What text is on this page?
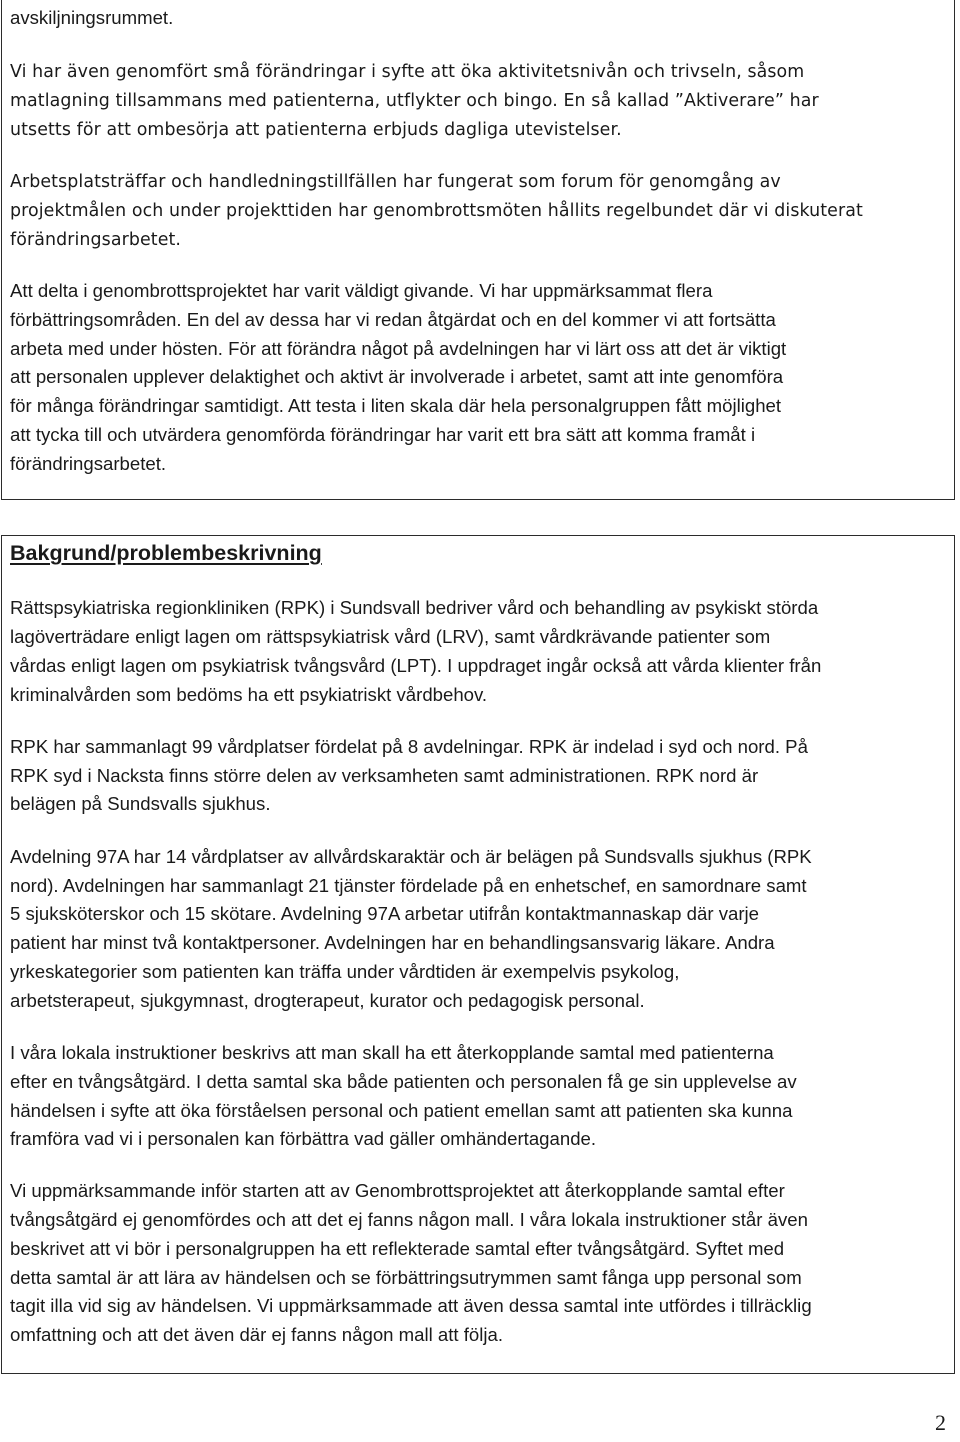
avskiljningsrummet.
Vi har även genomfört små förändringar i syfte att öka aktivitetsnivån och trivseln, såsom
matlagning tillsammans med patienterna, utflykter och bingo. En så kallad ”Aktiverare” har
utsetts för att ombesörja att patienterna erbjuds dagliga utevistelser.
Arbetsplatsträffar och handledningstillfällen har fungerat som forum för genomgång av
projektmålen och under projekttiden har genombrottsmöten hållits regelbundet där vi diskuterat
förändringsarbetet.
Att delta i genombrottsprojektet har varit väldigt givande. Vi har uppmärksammat flera
förbättringsområden. En del av dessa har vi redan åtgärdat och en del kommer vi att fortsätta
arbeta med under hösten. För att förändra något på avdelningen har vi lärt oss att det är viktigt
att personalen upplever delaktighet och aktivt är involverade i arbetet, samt att inte genomföra
för många förändringar samtidigt. Att testa i liten skala där hela personalgruppen fått möjlighet
att tycka till och utvärdera genomförda förändringar har varit ett bra sätt att komma framåt i
förändringsarbetet.
Bakgrund/problembeskrivning
Rättspsykiatriska regionkliniken (RPK) i Sundsvall bedriver vård och behandling av psykiskt störda
lagöverträdare enligt lagen om rättspsykiatrisk vård (LRV), samt vårdkrävande patienter som
vårdas enligt lagen om psykiatrisk tvångsvård (LPT). I uppdraget ingår också att vårda klienter från
kriminalvården som bedöms ha ett psykiatriskt vårdbehov.
RPK har sammanlagt 99 vårdplatser fördelat på 8 avdelningar. RPK är indelad i syd och nord. På
RPK syd i Nacksta finns större delen av verksamheten samt administrationen. RPK nord är
belägen på Sundsvalls sjukhus.
Avdelning 97A har 14 vårdplatser av allvårdskaraktär och är belägen på Sundsvalls sjukhus (RPK
nord). Avdelningen har sammanlagt 21 tjänster fördelade på en enhetschef, en samordnare samt
5 sjuksköterskor och 15 skötare. Avdelning 97A arbetar utifrån kontaktmannaskap där varje
patient har minst två kontaktpersoner. Avdelningen har en behandlingsansvarig läkare. Andra
yrkeskategorier som patienten kan träffa under vårdtiden är exempelvis psykolog,
arbetsterapeut, sjukgymnast, drogterapeut, kurator och pedagogisk personal.
I våra lokala instruktioner beskrivs att man skall ha ett återkopplande samtal med patienterna
efter en tvångsåtgärd. I detta samtal ska både patienten och personalen få ge sin upplevelse av
händelsen i syfte att öka förståelsen personal och patient emellan samt att patienten ska kunna
framföra vad vi i personalen kan förbättra vad gäller omhändertagande.
Vi uppmärksammande inför starten att av Genombrottsprojektet att återkopplande samtal efter
tvångsåtgärd ej genomfördes och att det ej fanns någon mall. I våra lokala instruktioner står även
beskrivet att vi bör i personalgruppen ha ett reflekterade samtal efter tvångsåtgärd. Syftet med
detta samtal är att lära av händelsen och se förbättringsutrymmen samt fånga upp personal som
tagit illa vid sig av händelsen. Vi uppmärksammade att även dessa samtal inte utfördes i tillräcklig
omfattning och att det även där ej fanns någon mall att följa.
2
